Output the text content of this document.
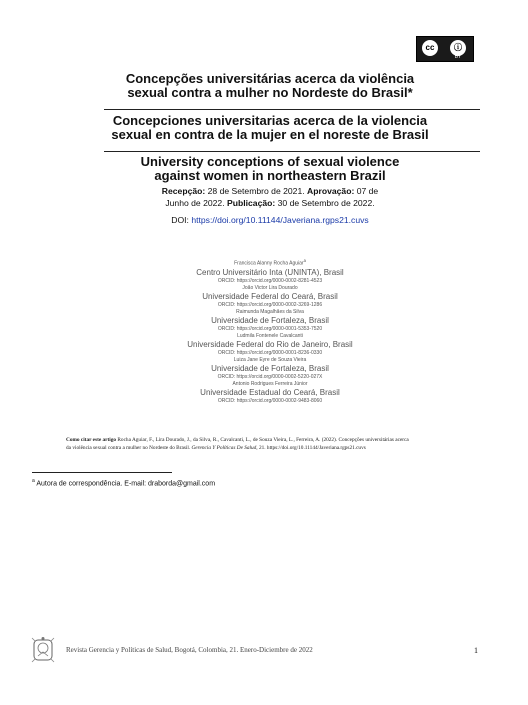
cc	ⓘ
BY
Concepções universitárias acerca da violência
sexual contra a mulher no Nordeste do Brasil*
Concepciones universitarias acerca de la violencia
sexual en contra de la mujer en el noreste de Brasil
University conceptions of sexual violence
against women in northeastern Brazil
Recepção: 28 de Setembro de 2021. Aprovação: 07 de
Junho de 2022. Publicação: 30 de Setembro de 2022.
DOI: https://doi.org/10.11144/Javeriana.rgps21.cuvs
Francisca Alanny Rocha Aguiar$^a$
Centro Universitário Inta (UNINTA), Brasil
ORCID: https://orcid.org/0000-0002-8281-4523
João Victor Lira Dourado
Universidade Federal do Ceará, Brasil
ORCID: https://orcid.org/0000-0002-3269-1286
Raimunda Magalhães da Silva
Universidade de Fortaleza, Brasil
ORCID: https://orcid.org/0000-0001-5353-7520
Ludmila Fontenele Cavalcanti
Universidade Federal do Rio de Janeiro, Brasil
ORCID: https://orcid.org/0000-0001-8236-0330
Luiza Jane Eyre de Souza Vieira
Universidade de Fortaleza, Brasil
ORCID: https://orcid.org/0000-0002-5220-027X
Antonio Rodrigues Ferreira Júnior
Universidade Estadual do Ceará, Brasil
ORCID: https://orcid.org/0000-0002-9483-8060
Como citar este artigo Rocha Aguiar, F., Lira Dourado, J., da Silva, R., Cavalcanti, L., de Souza Vieira, L., Ferreira, A. (2022). Concepções universitárias acerca
da violência sexual contra a mulher no Nordeste do Brasil. Gerencia Y Políticas De Salud, 21. https://doi.org/10.11144/Javeriana.rgps21.cuvs
$^a$ Autora de correspondência. E-mail: draborda@gmail.com
Revista Gerencia y Políticas de Salud, Bogotá, Colombia, 21. Enero-Diciembre de 2022	1
